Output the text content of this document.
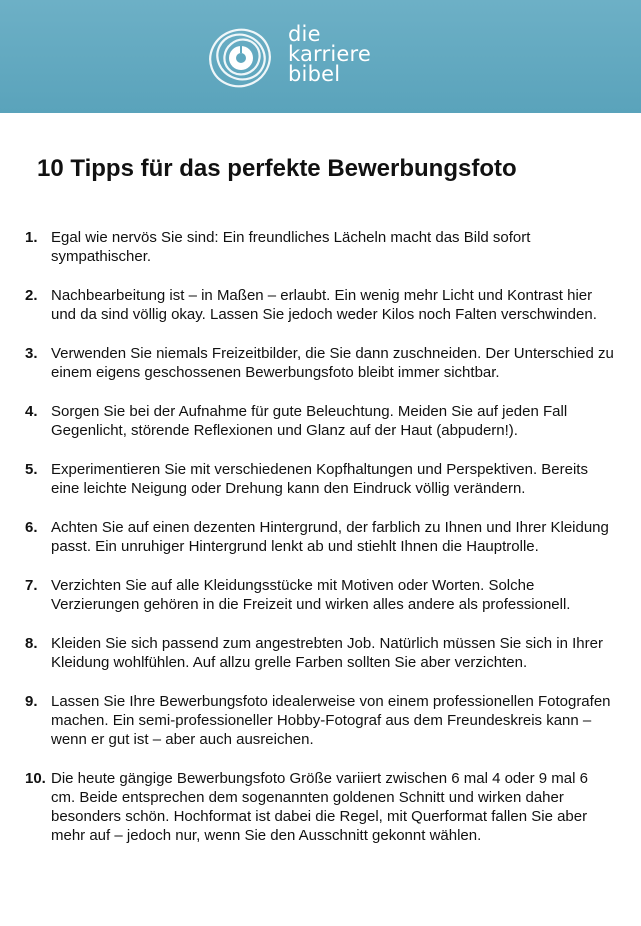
die
karriere
bibel
10 Tipps für das perfekte Bewerbungsfoto
1. Egal wie nervös Sie sind: Ein freundliches Lächeln macht das Bild sofort sympathischer.
2. Nachbearbeitung ist – in Maßen – erlaubt. Ein wenig mehr Licht und Kontrast hier und da sind völlig okay. Lassen Sie jedoch weder Kilos noch Falten verschwinden.
3. Verwenden Sie niemals Freizeitbilder, die Sie dann zuschneiden. Der Unterschied zu einem eigens geschossenen Bewerbungsfoto bleibt immer sichtbar.
4. Sorgen Sie bei der Aufnahme für gute Beleuchtung. Meiden Sie auf jeden Fall Gegenlicht, störende Reflexionen und Glanz auf der Haut (abpudern!).
5. Experimentieren Sie mit verschiedenen Kopfhaltungen und Perspektiven. Bereits eine leichte Neigung oder Drehung kann den Eindruck völlig verändern.
6. Achten Sie auf einen dezenten Hintergrund, der farblich zu Ihnen und Ihrer Kleidung passt. Ein unruhiger Hintergrund lenkt ab und stiehlt Ihnen die Hauptrolle.
7. Verzichten Sie auf alle Kleidungsstücke mit Motiven oder Worten. Solche Verzierungen gehören in die Freizeit und wirken alles andere als professionell.
8. Kleiden Sie sich passend zum angestrebten Job. Natürlich müssen Sie sich in Ihrer Kleidung wohlfühlen. Auf allzu grelle Farben sollten Sie aber verzichten.
9. Lassen Sie Ihre Bewerbungsfoto idealerweise von einem professionellen Fotografen machen. Ein semi-professioneller Hobby-Fotograf aus dem Freundeskreis kann – wenn er gut ist – aber auch ausreichen.
10. Die heute gängige Bewerbungsfoto Größe variiert zwischen 6 mal 4 oder 9 mal 6 cm. Beide entsprechen dem sogenannten goldenen Schnitt und wirken daher besonders schön. Hochformat ist dabei die Regel, mit Querformat fallen Sie aber mehr auf – jedoch nur, wenn Sie den Ausschnitt gekonnt wählen.
